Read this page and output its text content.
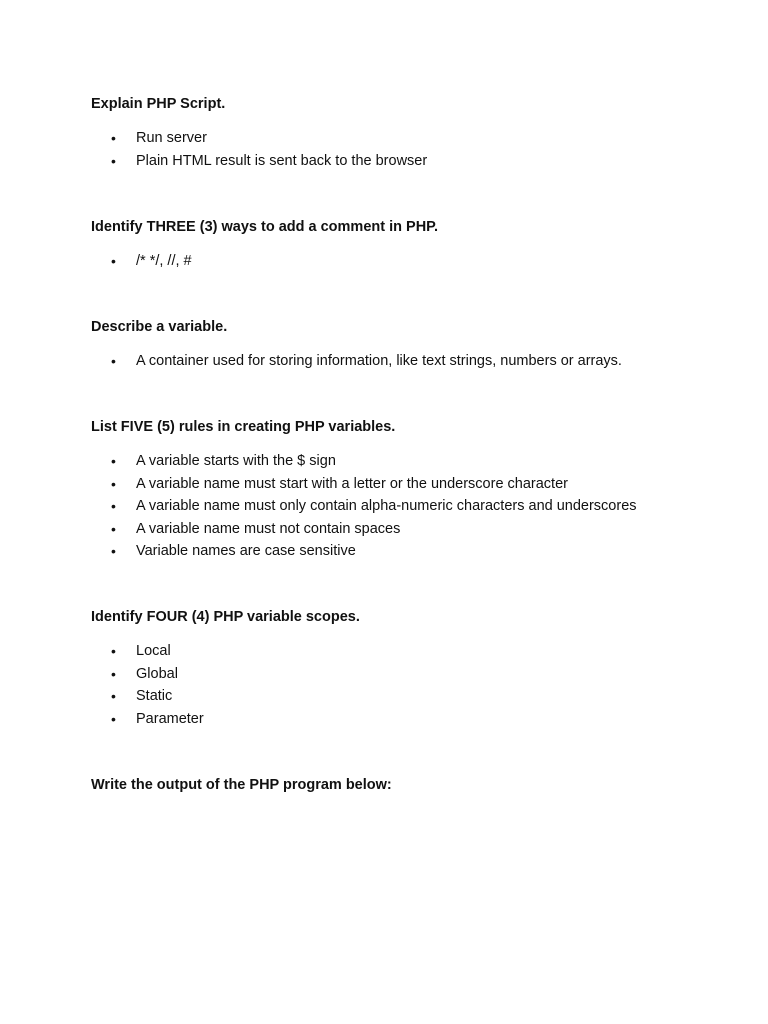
Explain PHP Script.

• Run server
• Plain HTML result is sent back to the browser

Identify THREE (3) ways to add a comment in PHP.

• /* */, //, #

Describe a variable.

• A container used for storing information, like text strings, numbers or arrays.

List FIVE (5) rules in creating PHP variables.

• A variable starts with the $ sign
• A variable name must start with a letter or the underscore character
• A variable name must only contain alpha-numeric characters and underscores
• A variable name must not contain spaces
• Variable names are case sensitive

Identify FOUR (4) PHP variable scopes.

• Local
• Global
• Static
• Parameter

Write the output of the PHP program below:
